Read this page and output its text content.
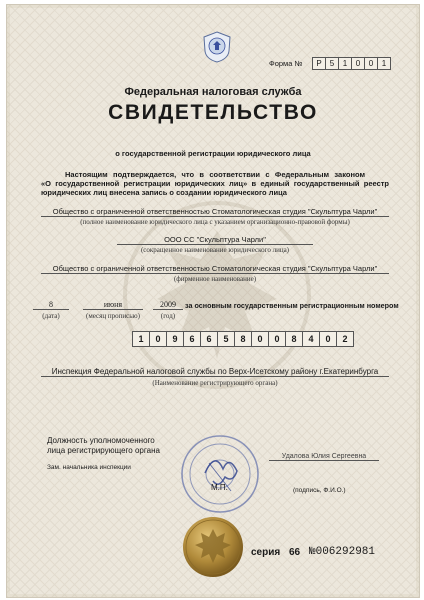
Форма №	Р	5	1	0	0	1
Федеральная налоговая служба
СВИДЕТЕЛЬСТВО
о государственной регистрации юридического лица
Настоящим подтверждается, что в соответствии с Федеральным законом
«О государственной регистрации юридических лиц» в единый государственный реестр
юридических лиц внесена запись о создании юридического лица
Общество с ограниченной ответственностью Стоматологическая студия "Скульптура Чарли"
(полное наименование юридического лица с указанием организационно-правовой формы)
ООО СС "Скульптура Чарли"
(сокращенное наименование юридического лица)
Общество с ограниченной ответственностью Стоматологическая студия "Скульптура Чарли"
(фирменное наименование)
8
(дата)
июня
(месяц прописью)
2009
(год)
за основным государственным регистрационным номером
1	0	9	6	6	5	8	0	0	8	4	0	2
Инспекция Федеральной налоговой службы по Верх-Исетскому району г.Екатеринбурга
(Наименование регистрирующего органа)
Должность уполномоченного
лица регистрирующего органа
Зам. начальника инспекции
М.П.
Удалова Юлия Сергеевна
(подпись, Ф.И.О.)
серия 66 №006292981
